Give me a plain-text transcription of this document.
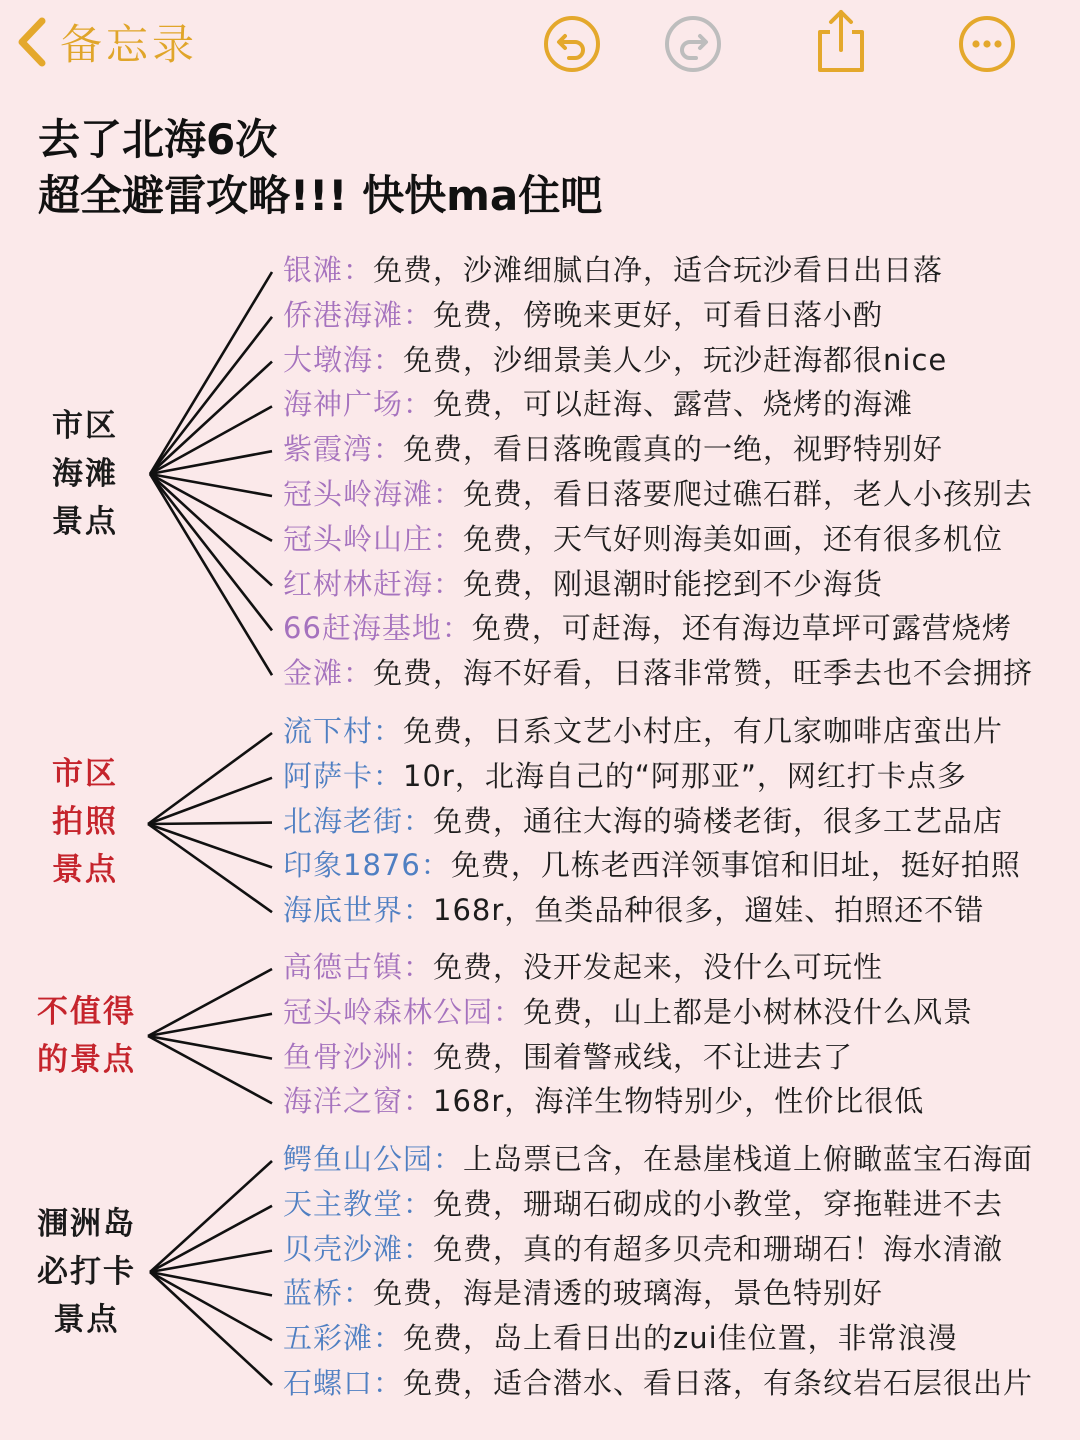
备忘录
去了北海6次
超全避雷攻略!!! 快快ma住吧
市区
海滩
景点
银滩：免费，沙滩细腻白净，适合玩沙看日出日落
侨港海滩：免费，傍晚来更好，可看日落小酌
大墩海：免费，沙细景美人少，玩沙赶海都很nice
海神广场：免费，可以赶海、露营、烧烤的海滩
紫霞湾：免费，看日落晚霞真的一绝，视野特别好
冠头岭海滩：免费，看日落要爬过礁石群，老人小孩别去
冠头岭山庄：免费，天气好则海美如画，还有很多机位
红树林赶海：免费，刚退潮时能挖到不少海货
66赶海基地：免费，可赶海，还有海边草坪可露营烧烤
金滩：免费，海不好看，日落非常赞，旺季去也不会拥挤
市区
拍照
景点
流下村：免费，日系文艺小村庄，有几家咖啡店蛮出片
阿萨卡：10r，北海自己的“阿那亚”，网红打卡点多
北海老街：免费，通往大海的骑楼老街，很多工艺品店
印象1876：免费，几栋老西洋领事馆和旧址，挺好拍照
海底世界：168r，鱼类品种很多，遛娃、拍照还不错
不值得
的景点
高德古镇：免费，没开发起来，没什么可玩性
冠头岭森林公园：免费，山上都是小树林没什么风景
鱼骨沙洲：免费，围着警戒线，不让进去了
海洋之窗：168r，海洋生物特别少，性价比很低
涠洲岛
必打卡
景点
鳄鱼山公园：上岛票已含，在悬崖栈道上俯瞰蓝宝石海面
天主教堂：免费，珊瑚石砌成的小教堂，穿拖鞋进不去
贝壳沙滩：免费，真的有超多贝壳和珊瑚石！海水清澈
蓝桥：免费，海是清透的玻璃海，景色特别好
五彩滩：免费，岛上看日出的zui佳位置，非常浪漫
石螺口：免费，适合潜水、看日落，有条纹岩石层很出片
